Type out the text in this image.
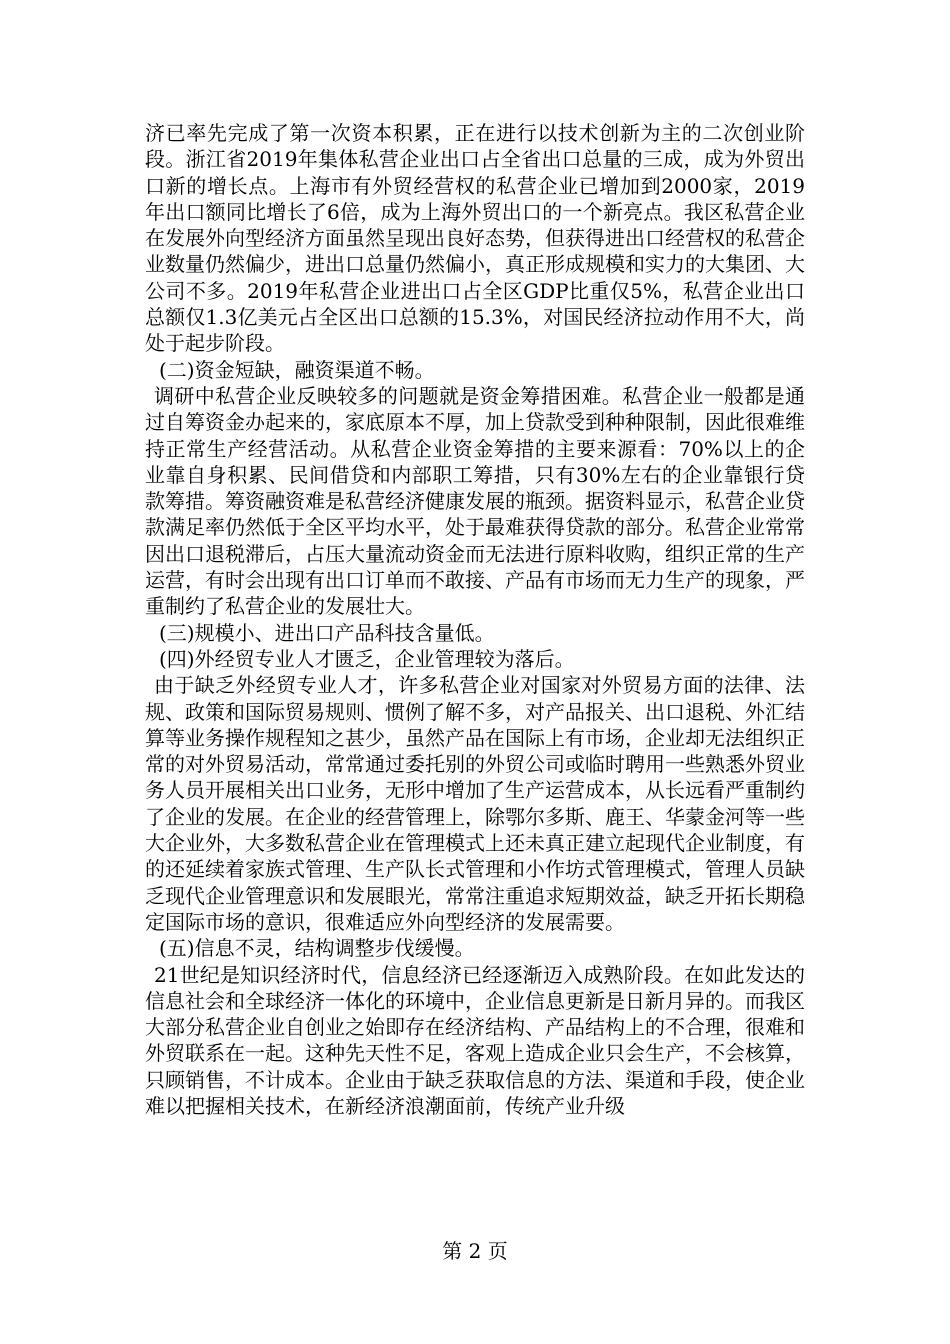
济已率先完成了第一次资本积累，正在进行以技术创新为主的二次创业阶段。浙江省2019年集体私营企业出口占全省出口总量的三成，成为外贸出口新的增长点。上海市有外贸经营权的私营企业已增加到2000家，2019年出口额同比增长了6倍，成为上海外贸出口的一个新亮点。我区私营企业在发展外向型经济方面虽然呈现出良好态势，但获得进出口经营权的私营企业数量仍然偏少，进出口总量仍然偏小，真正形成规模和实力的大集团、大公司不多。2019年私营企业进出口占全区GDP比重仅5%，私营企业出口总额仅1.3亿美元占全区出口总额的15.3%，对国民经济拉动作用不大，尚处于起步阶段。

(二)资金短缺，融资渠道不畅。

调研中私营企业反映较多的问题就是资金筹措困难。私营企业一般都是通过自筹资金办起来的，家底原本不厚，加上贷款受到种种限制，因此很难维持正常生产经营活动。从私营企业资金筹措的主要来源看：70%以上的企业靠自身积累、民间借贷和内部职工筹措，只有30%左右的企业靠银行贷款筹措。筹资融资难是私营经济健康发展的瓶颈。据资料显示，私营企业贷款满足率仍然低于全区平均水平，处于最难获得贷款的部分。私营企业常常因出口退税滞后，占压大量流动资金而无法进行原料收购，组织正常的生产运营，有时会出现有出口订单而不敢接、产品有市场而无力生产的现象，严重制约了私营企业的发展壮大。

(三)规模小、进出口产品科技含量低。

(四)外经贸专业人才匮乏，企业管理较为落后。

由于缺乏外经贸专业人才，许多私营企业对国家对外贸易方面的法律、法规、政策和国际贸易规则、惯例了解不多，对产品报关、出口退税、外汇结算等业务操作规程知之甚少，虽然产品在国际上有市场，企业却无法组织正常的对外贸易活动，常常通过委托别的外贸公司或临时聘用一些熟悉外贸业务人员开展相关出口业务，无形中增加了生产运营成本，从长远看严重制约了企业的发展。在企业的经营管理上，除鄂尔多斯、鹿王、华蒙金河等一些大企业外，大多数私营企业在管理模式上还未真正建立起现代企业制度，有的还延续着家族式管理、生产队长式管理和小作坊式管理模式，管理人员缺乏现代企业管理意识和发展眼光，常常注重追求短期效益，缺乏开拓长期稳定国际市场的意识，很难适应外向型经济的发展需要。

(五)信息不灵，结构调整步伐缓慢。

21世纪是知识经济时代，信息经济已经逐渐迈入成熟阶段。在如此发达的信息社会和全球经济一体化的环境中，企业信息更新是日新月异的。而我区大部分私营企业自创业之始即存在经济结构、产品结构上的不合理，很难和外贸联系在一起。这种先天性不足，客观上造成企业只会生产，不会核算，只顾销售，不计成本。企业由于缺乏获取信息的方法、渠道和手段，使企业难以把握相关技术，在新经济浪潮面前，传统产业升级

第 2 页
